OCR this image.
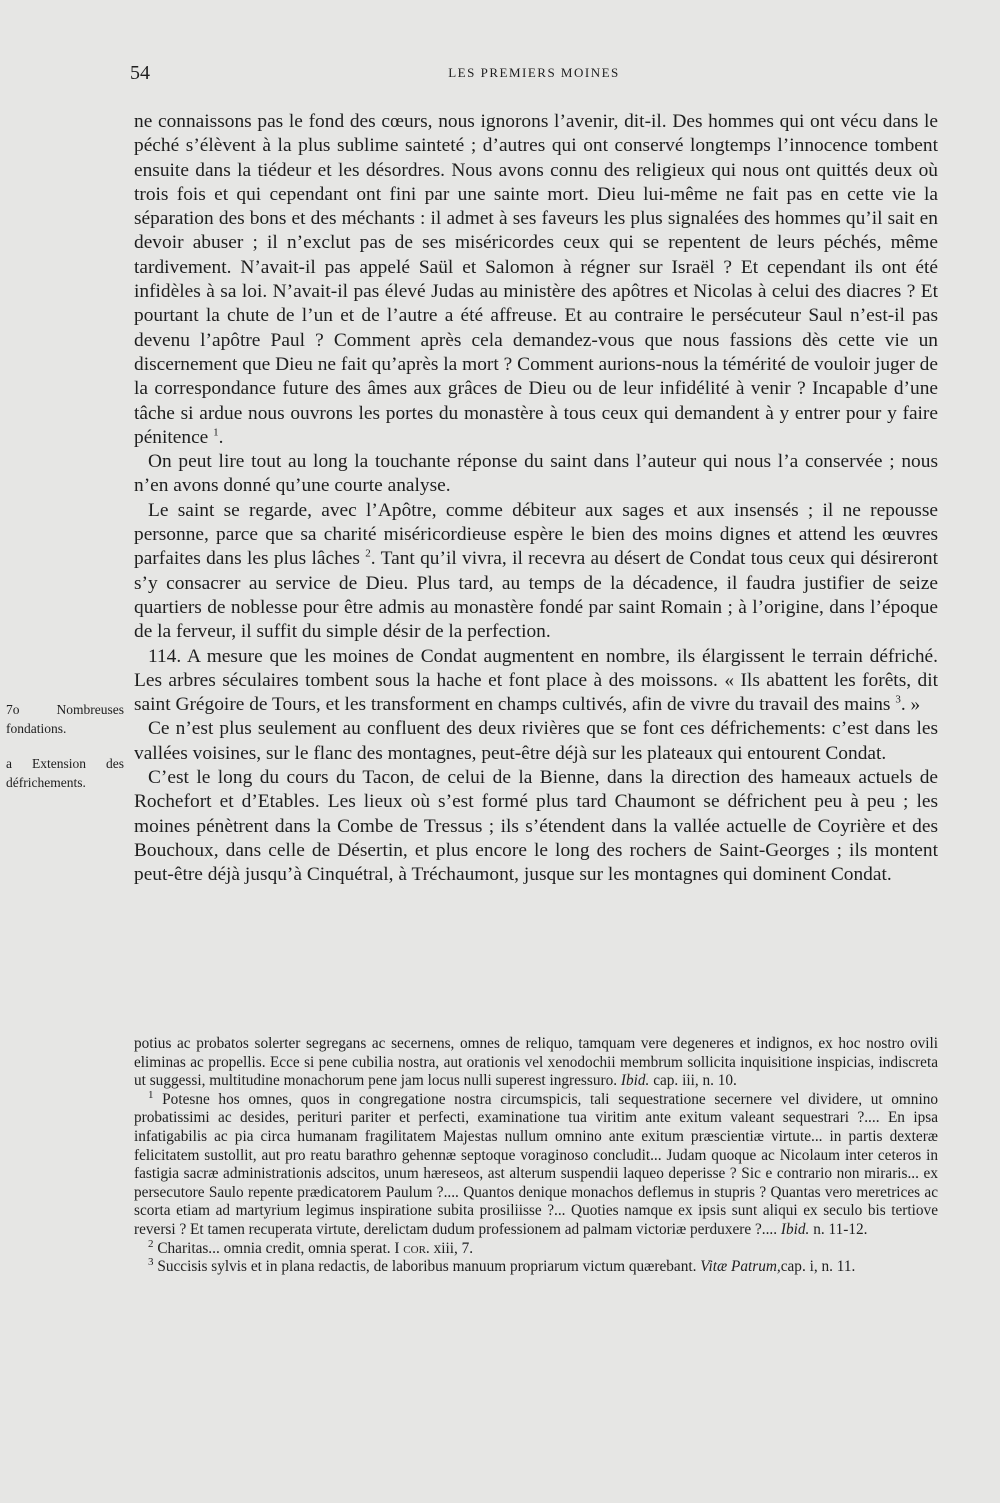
54	LES PREMIERS MOINES

ne connaissons pas le fond des cœurs, nous ignorons l’avenir, dit-il. Des hommes qui ont vécu dans le péché s’élèvent à la plus sublime sainteté ; d’autres qui ont conservé longtemps l’innocence tombent ensuite dans la tiédeur et les désordres. Nous avons connu des religieux qui nous ont quittés deux où trois fois et qui cependant ont fini par une sainte mort. Dieu lui-même ne fait pas en cette vie la séparation des bons et des méchants : il admet à ses faveurs les plus signalées des hommes qu’il sait en devoir abuser ; il n’exclut pas de ses miséricordes ceux qui se repentent de leurs péchés, même tardivement. N’avait-il pas appelé Saül et Salomon à régner sur Israël ? Et cependant ils ont été infidèles à sa loi. N’avait-il pas élevé Judas au ministère des apôtres et Nicolas à celui des diacres ? Et pourtant la chute de l’un et de l’autre a été affreuse. Et au contraire le persécuteur Saul n’est-il pas devenu l’apôtre Paul ? Comment après cela demandez-vous que nous fassions dès cette vie un discernement que Dieu ne fait qu’après la mort ? Comment aurions-nous la témérité de vouloir juger de la correspondance future des âmes aux grâces de Dieu ou de leur infidélité à venir ? Incapable d’une tâche si ardue nous ouvrons les portes du monastère à tous ceux qui demandent à y entrer pour y faire pénitence $^1$.

On peut lire tout au long la touchante réponse du saint dans l’auteur qui nous l’a conservée ; nous n’en avons donné qu’une courte analyse.

Le saint se regarde, avec l’Apôtre, comme débiteur aux sages et aux insensés ; il ne repousse personne, parce que sa charité miséricordieuse espère le bien des moins dignes et attend les œuvres parfaites dans les plus lâches $^2$. Tant qu’il vivra, il recevra au désert de Condat tous ceux qui désireront s’y consacrer au service de Dieu. Plus tard, au temps de la décadence, il faudra justifier de seize quartiers de noblesse pour être admis au monastère fondé par saint Romain ; à l’origine, dans l’époque de la ferveur, il suffit du simple désir de la perfection.

114. A mesure que les moines de Condat augmentent en nombre, ils élargissent le terrain défriché. Les arbres séculaires tombent sous la hache et font place à des moissons. « Ils abattent les forêts, dit saint Grégoire de Tours, et les transforment en champs cultivés, afin de vivre du travail des mains $^3$. »

Ce n’est plus seulement au confluent des deux rivières que se font ces défrichements: c’est dans les vallées voisines, sur le flanc des montagnes, peut-être déjà sur les plateaux qui entourent Condat.

C’est le long du cours du Tacon, de celui de la Bienne, dans la direction des hameaux actuels de Rochefort et d’Etables. Les lieux où s’est formé plus tard Chaumont se défrichent peu à peu ; les moines pénètrent dans la Combe de Tressus ; ils s’étendent dans la vallée actuelle de Coyrière et des Bouchoux, dans celle de Désertin, et plus encore le long des rochers de Saint-Georges ; ils montent peut-être déjà jusqu’à Cinquétral, à Tréchaumont, jusque sur les montagnes qui dominent Condat.

7o Nombreuses fondations.
a Extension des défrichements.

potius ac probatos solerter segregans ac secernens, omnes de reliquo, tamquam vere degeneres et indignos, ex hoc nostro ovili eliminas ac propellis. Ecce si pene cubilia nostra, aut orationis vel xenodochii membrum sollicita inquisitione inspicias, indiscreta ut suggessi, multitudine monachorum pene jam locus nulli superest ingressuro. Ibid. cap. iii, n. 10.

$^1$ Potesne hos omnes, quos in congregatione nostra circumspicis, tali sequestratione secernere vel dividere, ut omnino probatissimi ac desides, perituri pariter et perfecti, examinatione tua viritim ante exitum valeant sequestrari ?.... En ipsa infatigabilis ac pia circa humanam fragilitatem Majestas nullum omnino ante exitum præscientiæ virtute... in partis dexteræ felicitatem sustollit, aut pro reatu barathro gehennæ septoque voraginoso concludit... Judam quoque ac Nicolaum inter ceteros in fastigia sacræ administrationis adscitos, unum hæreseos, ast alterum suspendii laqueo deperisse ? Sic e contrario non miraris... ex persecutore Saulo repente prædicatorem Paulum ?.... Quantos denique monachos deflemus in stupris ? Quantas vero meretrices ac scorta etiam ad martyrium legimus inspiratione subita prosiliisse ?... Quoties namque ex ipsis sunt aliqui ex seculo bis tertiove reversi ? Et tamen recuperata virtute, derelictam dudum professionem ad palmam victoriæ perduxere ?.... Ibid. n. 11-12.

$^2$ Charitas... omnia credit, omnia sperat. I cor. xiii, 7.

$^3$ Succisis sylvis et in plana redactis, de laboribus manuum propriarum victum quærebant. Vitæ Patrum,cap. i, n. 11.
